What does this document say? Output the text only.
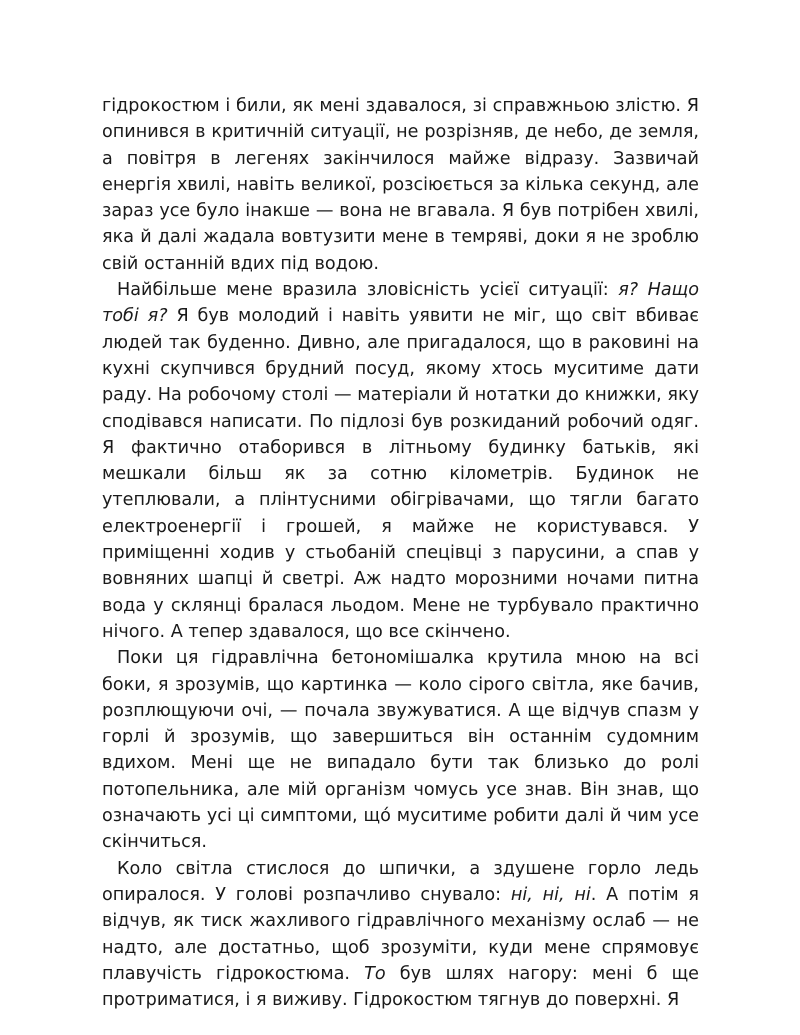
гідрокостюм і били, як мені здавалося, зі справжньою злістю. Я опинився в критичній ситуації, не розрізняв, де небо, де земля, а повітря в легенях закінчилося майже відразу. Зазвичай енергія хвилі, навіть великої, розсіюється за кілька секунд, але зараз усе було інакше — вона не вгавала. Я був потрібен хвилі, яка й далі жадала вовтузити мене в темряві, доки я не зроблю свій останній вдих під водою.

Найбільше мене вразила зловісність усієї ситуації: я? Нащо тобі я? Я був молодий і навіть уявити не міг, що світ вбиває людей так буденно. Дивно, але пригадалося, що в раковині на кухні скупчився брудний посуд, якому хтось муситиме дати раду. На робочому столі — матеріали й нотатки до книжки, яку сподівався написати. По підлозі був розкиданий робочий одяг. Я фактично отаборився в літньому будинку батьків, які мешкали більш як за сотню кілометрів. Будинок не утеплювали, а плінтусними обігрівачами, що тягли багато електроенергії і грошей, я майже не користувався. У приміщенні ходив у стьобаній спецівці з парусини, а спав у вовняних шапці й светрі. Аж надто морозними ночами питна вода у склянці бралася льодом. Мене не турбувало практично нічого. А тепер здавалося, що все скінчено.

Поки ця гідравлічна бетономішалка крутила мною на всі боки, я зрозумів, що картинка — коло сірого світла, яке бачив, розплющуючи очі, — почала звужуватися. А ще відчув спазм у горлі й зрозумів, що завершиться він останнім судомним вдихом. Мені ще не випадало бути так близько до ролі потопельника, але мій організм чомусь усе знав. Він знав, що означають усі ці симптоми, що́ муситиме робити далі й чим усе скінчиться.

Коло світла стислося до шпички, а здушене горло ледь опиралося. У голові розпачливо снувало: ні, ні, ні. А потім я відчув, як тиск жахливого гідравлічного механізму ослаб — не надто, але достатньо, щоб зрозуміти, куди мене спрямовує плавучість гідрокостюма. То був шлях нагору: мені б ще протриматися, і я виживу. Гідрокостюм тягнув до поверхні. Я
